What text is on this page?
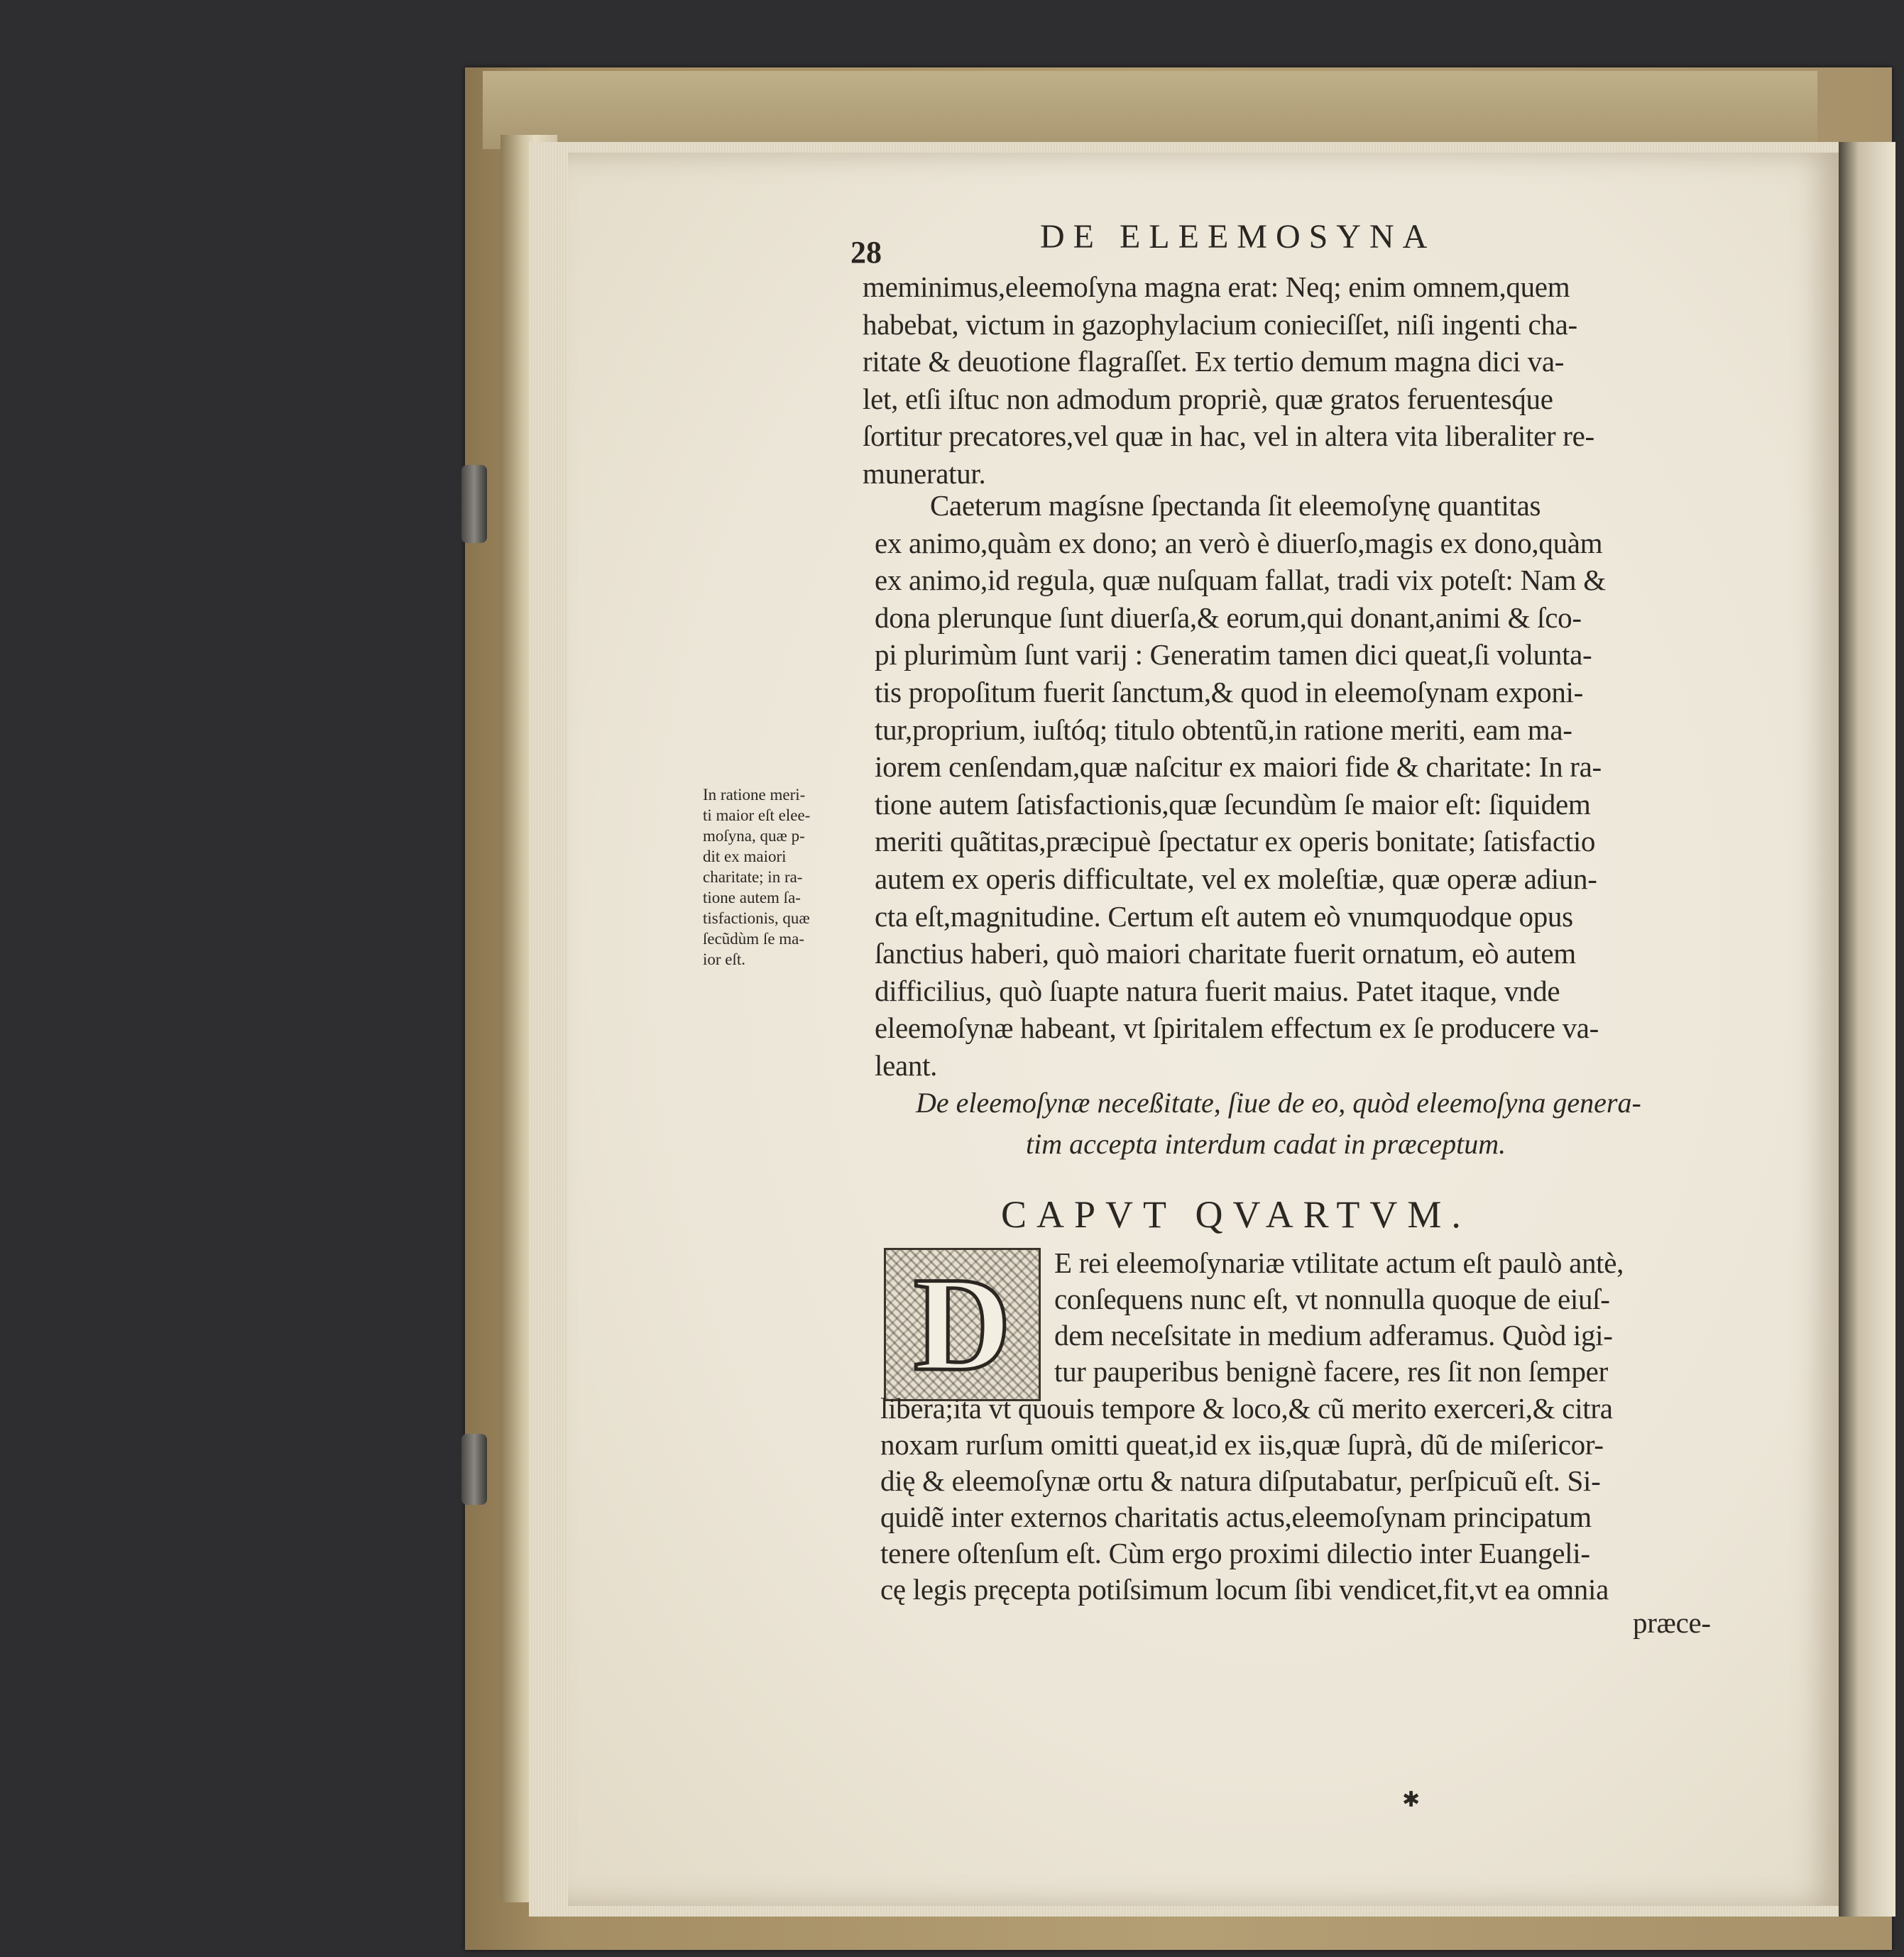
28	DE ELEEMOSYNA
meminimus,eleemoſyna magna erat: Neq; enim omnem,quem
habebat, victum in gazophylacium conieciſſet, niſi ingenti cha-
ritate & deuotione flagraſſet. Ex tertio demum magna dici va-
let, etſi iſtuc non admodum propriè, quæ gratos feruentesq́ue
ſortitur precatores,vel quæ in hac, vel in altera vita liberaliter re-
muneratur.
Caeterum magísne ſpectanda ſit eleemoſynę quantitas
ex animo,quàm ex dono; an verò è diuerſo,magis ex dono,quàm
ex animo,id regula, quæ nuſquam fallat, tradi vix poteſt: Nam &
dona plerunque ſunt diuerſa,& eorum,qui donant,animi & ſco-
pi plurimùm ſunt varij : Generatim tamen dici queat,ſi volunta-
tis propoſitum fuerit ſanctum,& quod in eleemoſynam exponi-
tur,proprium, iuſtóq; titulo obtentũ,in ratione meriti, eam ma-
iorem cenſendam,quæ naſcitur ex maiori fide & charitate: In ra-
tione autem ſatisfactionis,quæ ſecundùm ſe maior eſt: ſiquidem
meriti quãtitas,præcipuè ſpectatur ex operis bonitate; ſatisfactio
autem ex operis difficultate, vel ex moleſtiæ, quæ operæ adiun-
cta eſt,magnitudine. Certum eſt autem eò vnumquodque opus
ſanctius haberi, quò maiori charitate fuerit ornatum, eò autem
difficilius, quò ſuapte natura fuerit maius. Patet itaque, vnde
eleemoſynæ habeant, vt ſpiritalem effectum ex ſe producere va-
leant.
In ratione meri-
ti maior eſt elee-
moſyna, quæ p-
dit ex maiori
charitate; in ra-
tione autem ſa-
tisfactionis, quæ
ſecũdùm ſe ma-
ior eſt.
De eleemoſynæ neceßitate, ſiue de eo, quòd eleemoſyna genera-
tim accepta interdum cadat in præceptum.
CAPVT QVARTVM.
D E rei eleemoſynariæ vtilitate actum eſt paulò antè,
conſequens nunc eſt, vt nonnulla quoque de eiuſ-
dem neceſsitate in medium adferamus. Quòd igi-
tur pauperibus benignè facere, res ſit non ſemper
libera;ita vt quouis tempore & loco,& cũ merito exerceri,& citra
noxam rurſum omitti queat,id ex iis,quæ ſuprà, dũ de miſericor-
dię & eleemoſynæ ortu & natura diſputabatur, perſpicuũ eſt. Si-
quidẽ inter externos charitatis actus,eleemoſynam principatum
tenere oſtenſum eſt. Cùm ergo proximi dilectio inter Euangeli-
cę legis pręcepta potiſsimum locum ſibi vendicet,fit,vt ea omnia
præce-
✱
